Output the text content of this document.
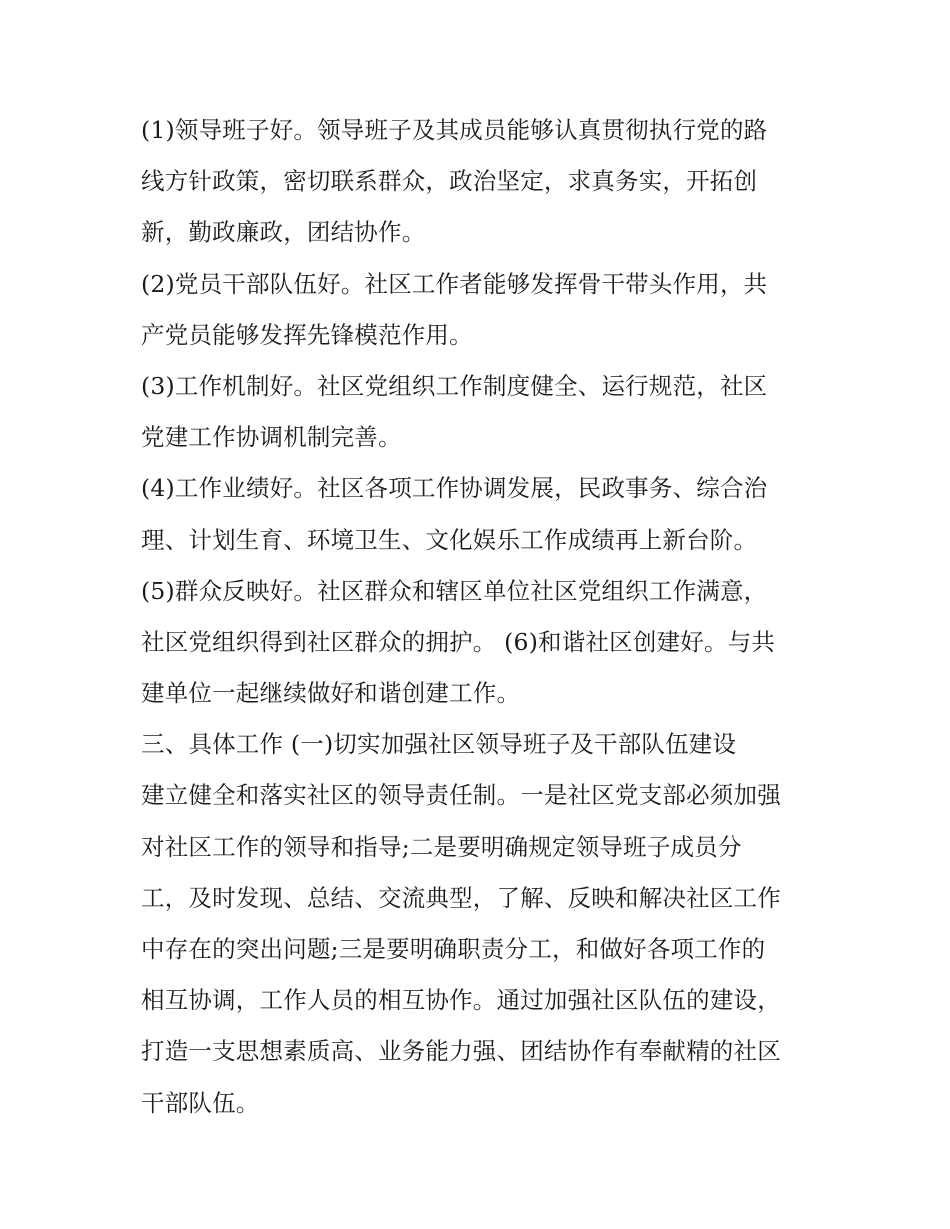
(1)领导班子好。领导班子及其成员能够认真贯彻执行党的路
线方针政策，密切联系群众，政治坚定，求真务实，开拓创
新，勤政廉政，团结协作。
(2)党员干部队伍好。社区工作者能够发挥骨干带头作用，共
产党员能够发挥先锋模范作用。
(3)工作机制好。社区党组织工作制度健全、运行规范，社区
党建工作协调机制完善。
(4)工作业绩好。社区各项工作协调发展，民政事务、综合治
理、计划生育、环境卫生、文化娱乐工作成绩再上新台阶。
(5)群众反映好。社区群众和辖区单位社区党组织工作满意，
社区党组织得到社区群众的拥护。 (6)和谐社区创建好。与共
建单位一起继续做好和谐创建工作。
三、具体工作 (一)切实加强社区领导班子及干部队伍建设
建立健全和落实社区的领导责任制。一是社区党支部必须加强
对社区工作的领导和指导;二是要明确规定领导班子成员分
工，及时发现、总结、交流典型，了解、反映和解决社区工作
中存在的突出问题;三是要明确职责分工，和做好各项工作的
相互协调，工作人员的相互协作。通过加强社区队伍的建设，
打造一支思想素质高、业务能力强、团结协作有奉献精的社区
干部队伍。
